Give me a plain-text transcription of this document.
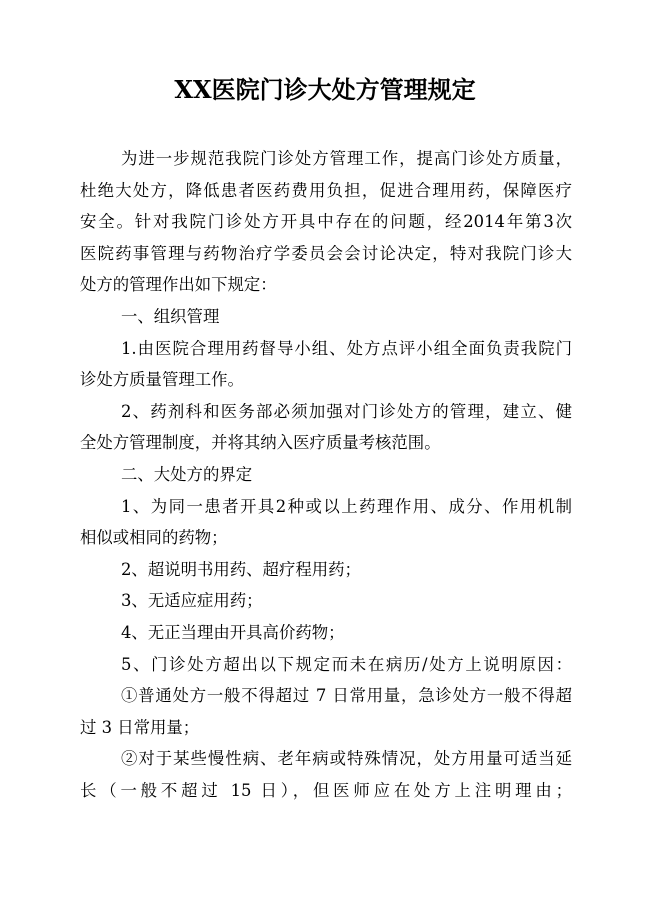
XX医院门诊大处方管理规定
为进一步规范我院门诊处方管理工作，提高门诊处方质量，
杜绝大处方，降低患者医药费用负担，促进合理用药，保障医疗
安全。针对我院门诊处方开具中存在的问题，经2014年第3次
医院药事管理与药物治疗学委员会会讨论决定，特对我院门诊大
处方的管理作出如下规定：
一、组织管理
1.由医院合理用药督导小组、处方点评小组全面负责我院门
诊处方质量管理工作。
2、药剂科和医务部必须加强对门诊处方的管理，建立、健
全处方管理制度，并将其纳入医疗质量考核范围。
二、大处方的界定
1、为同一患者开具2种或以上药理作用、成分、作用机制
相似或相同的药物；
2、超说明书用药、超疗程用药；
3、无适应症用药；
4、无正当理由开具高价药物；
5、门诊处方超出以下规定而未在病历/处方上说明原因：
①普通处方一般不得超过 7 日常用量，急诊处方一般不得超
过 3 日常用量；
②对于某些慢性病、老年病或特殊情况，处方用量可适当延
长（一般不超过 15 日），但医师应在处方上注明理由；
